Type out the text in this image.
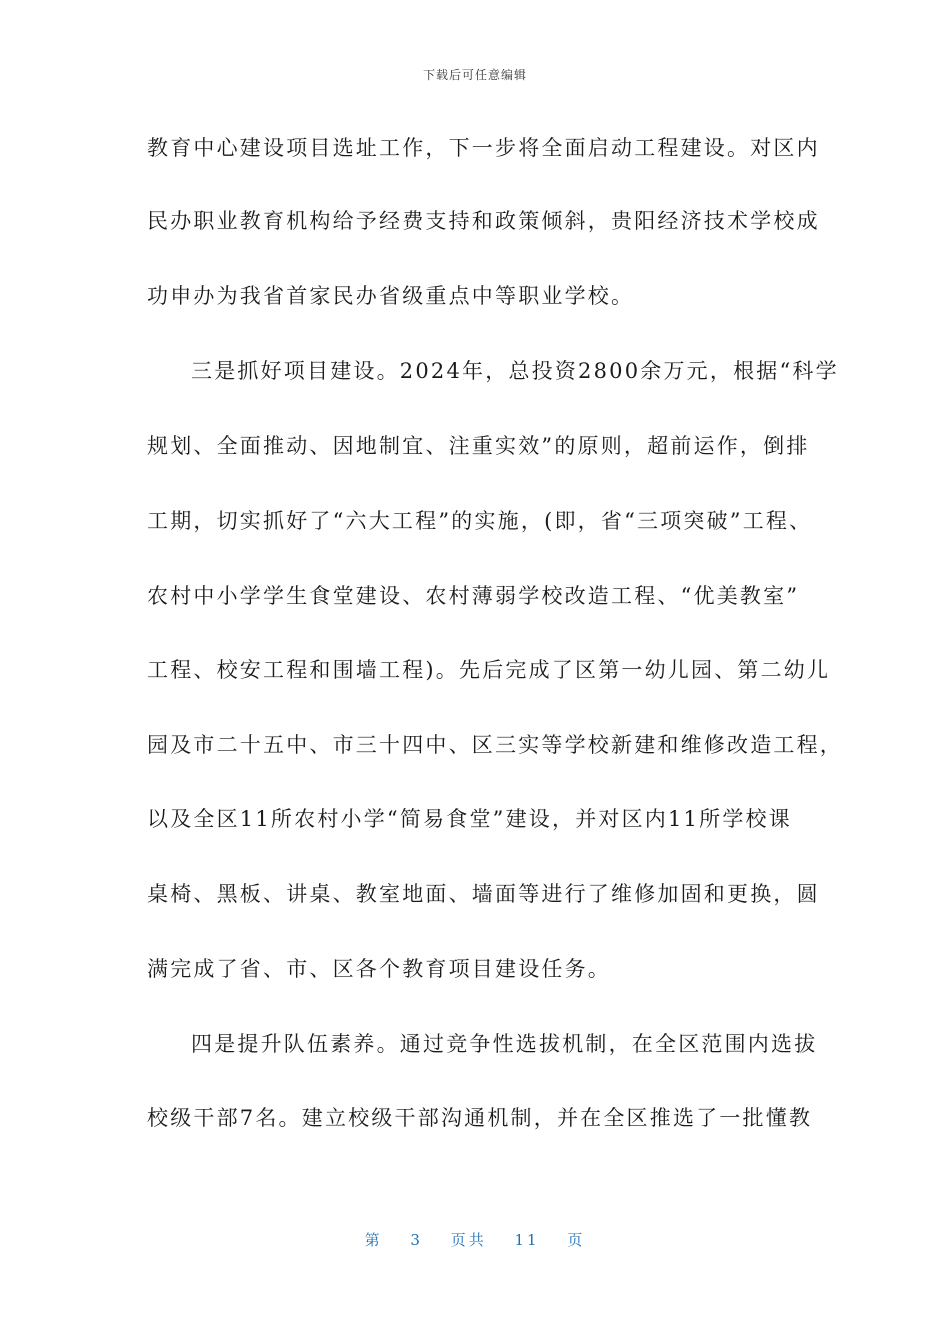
下载后可任意编辑
教育中心建设项目选址工作，下一步将全面启动工程建设。对区内
民办职业教育机构给予经费支持和政策倾斜，贵阳经济技术学校成
功申办为我省首家民办省级重点中等职业学校。
三是抓好项目建设。2024年，总投资2800余万元，根据“科学
规划、全面推动、因地制宜、注重实效”的原则，超前运作，倒排
工期，切实抓好了“六大工程”的实施，(即，省“三项突破”工程、
农村中小学学生食堂建设、农村薄弱学校改造工程、“优美教室”
工程、校安工程和围墙工程)。先后完成了区第一幼儿园、第二幼儿
园及市二十五中、市三十四中、区三实等学校新建和维修改造工程，
以及全区11所农村小学“简易食堂”建设，并对区内11所学校课
桌椅、黑板、讲桌、教室地面、墙面等进行了维修加固和更换，圆
满完成了省、市、区各个教育项目建设任务。
四是提升队伍素养。通过竞争性选拔机制，在全区范围内选拔
校级干部7名。建立校级干部沟通机制，并在全区推选了一批懂教
第 3 页共 11 页
